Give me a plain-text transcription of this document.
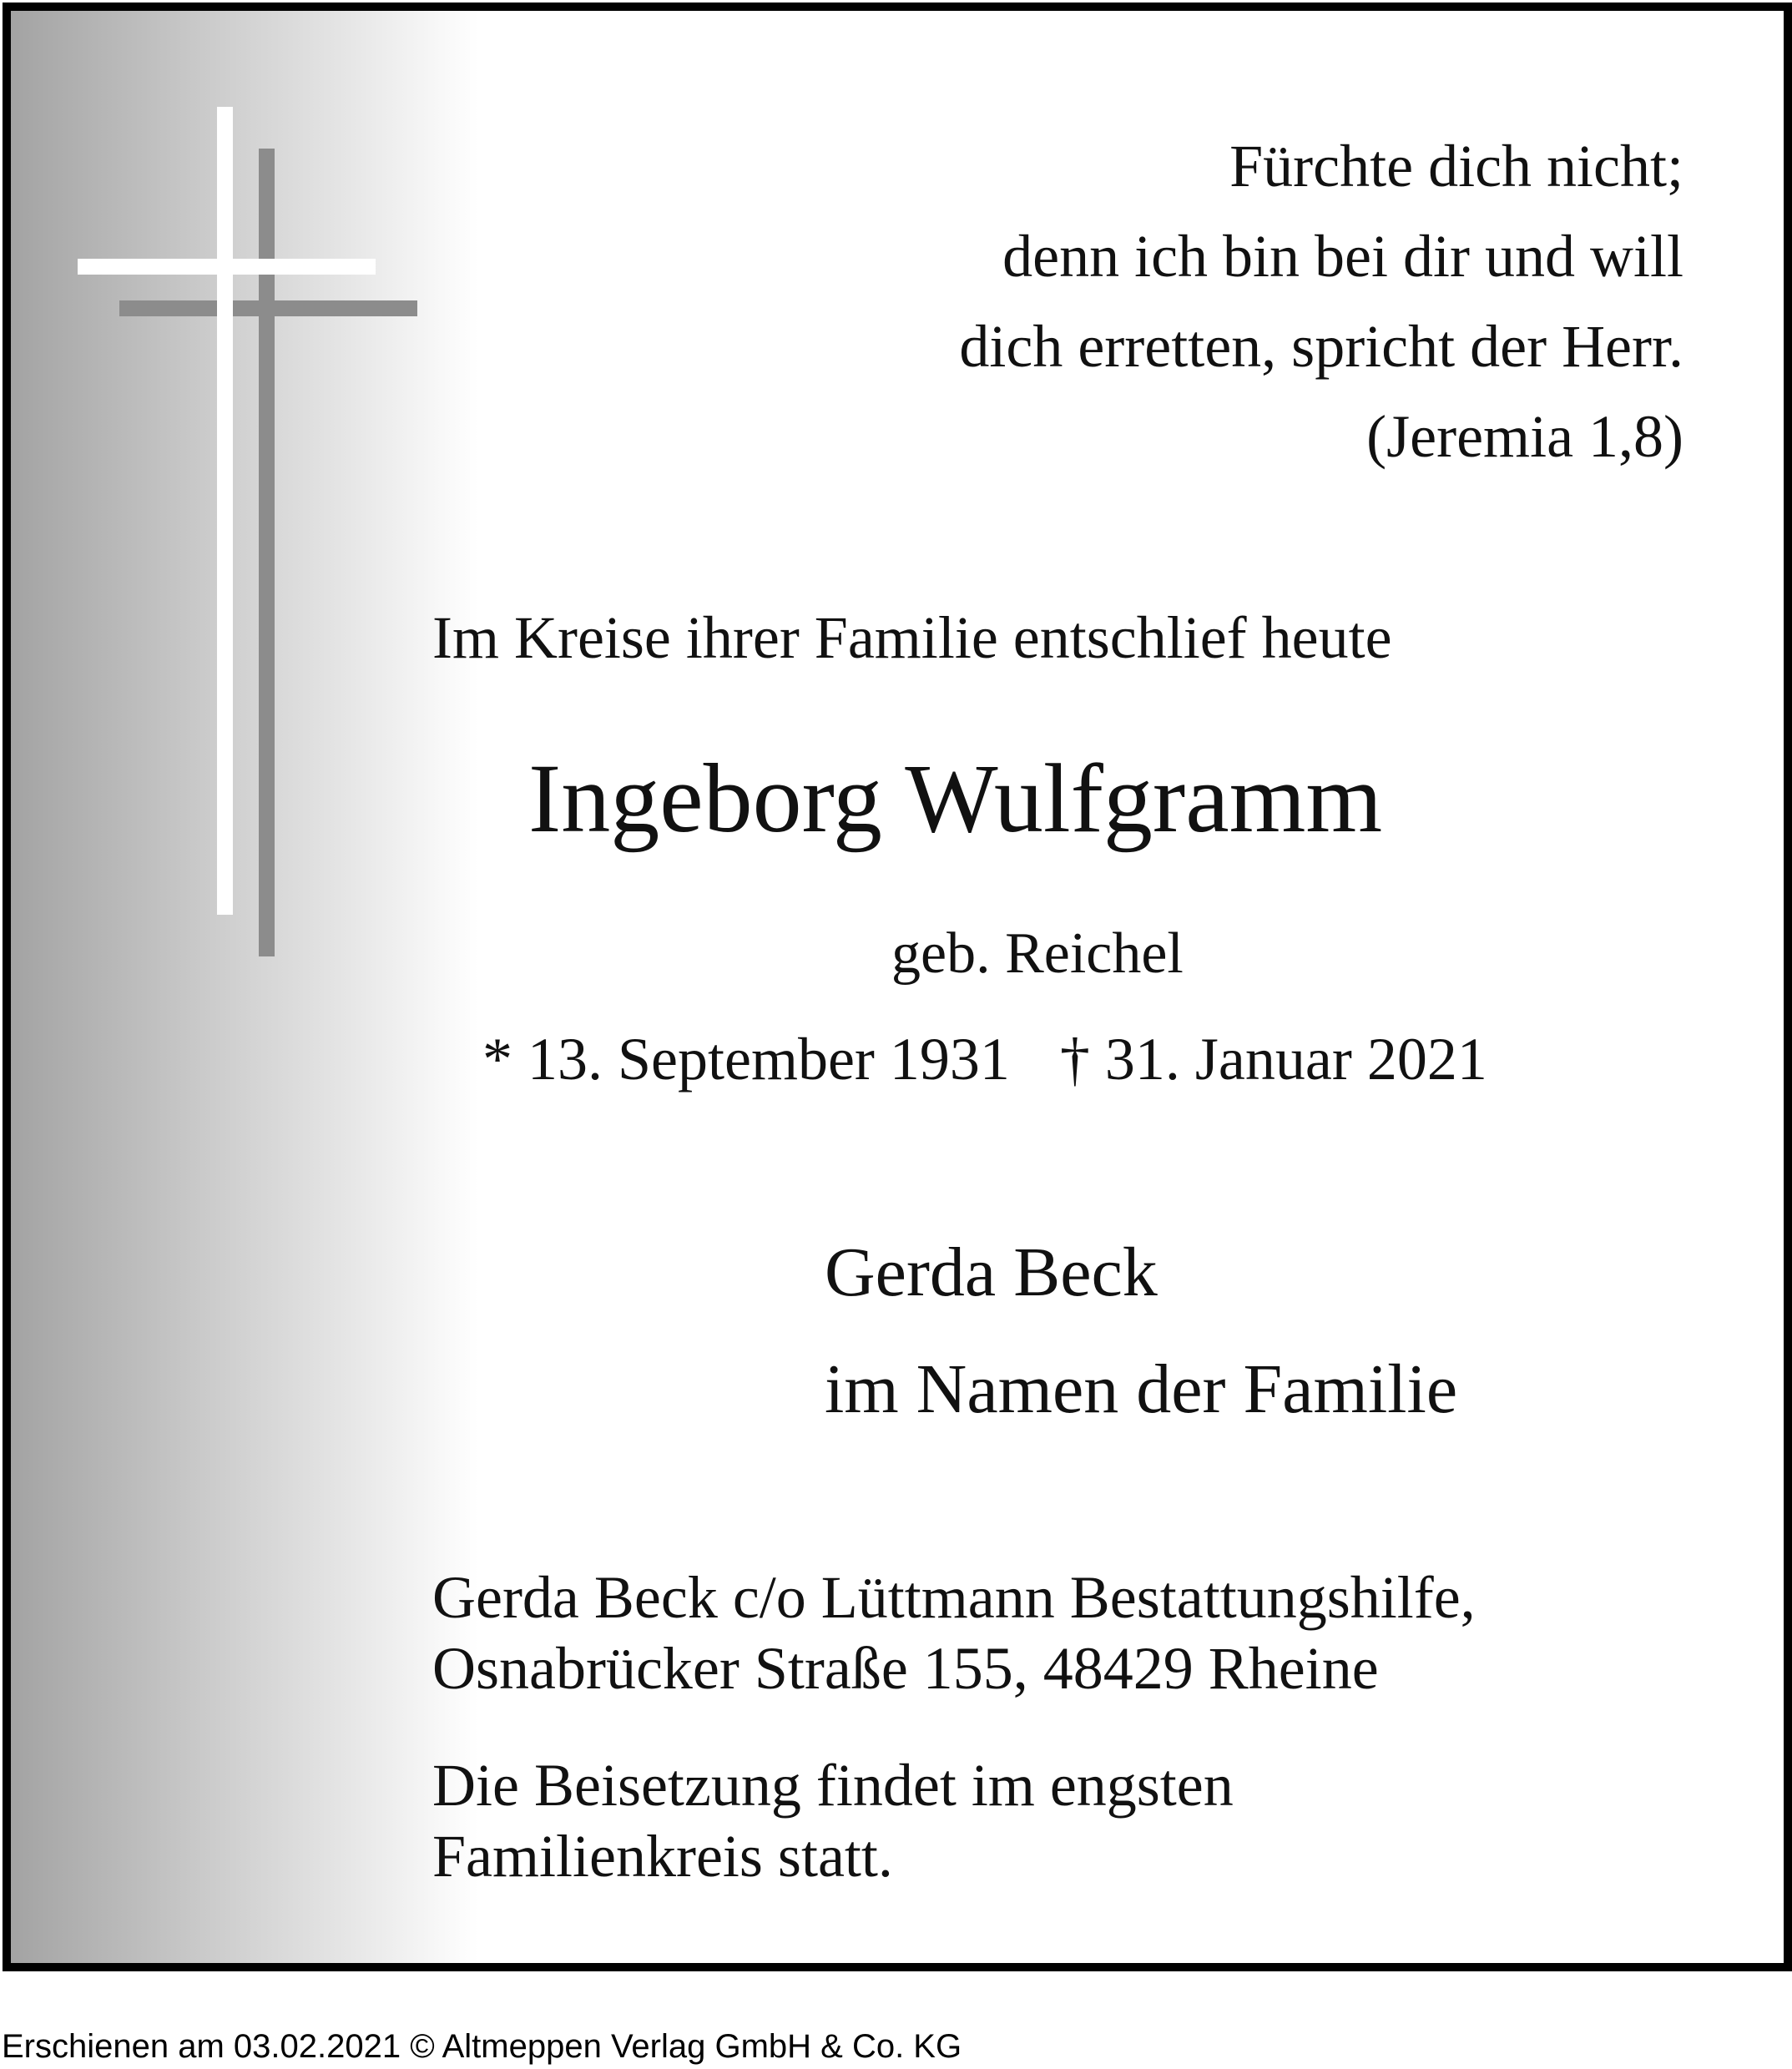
Fürchte dich nicht;
denn ich bin bei dir und will
dich erretten, spricht der Herr.
(Jeremia 1,8)

Im Kreise ihrer Familie entschlief heute

Ingeborg Wulfgramm

geb. Reichel

* 13. September 1931 † 31. Januar 2021

Gerda Beck

im Namen der Familie

Gerda Beck c/o Lüttmann Bestattungshilfe,

Osnabrücker Straße 155, 48429 Rheine

Die Beisetzung findet im engsten

Familienkreis statt.

Erschienen am 03.02.2021 © Altmeppen Verlag GmbH & Co. KG
